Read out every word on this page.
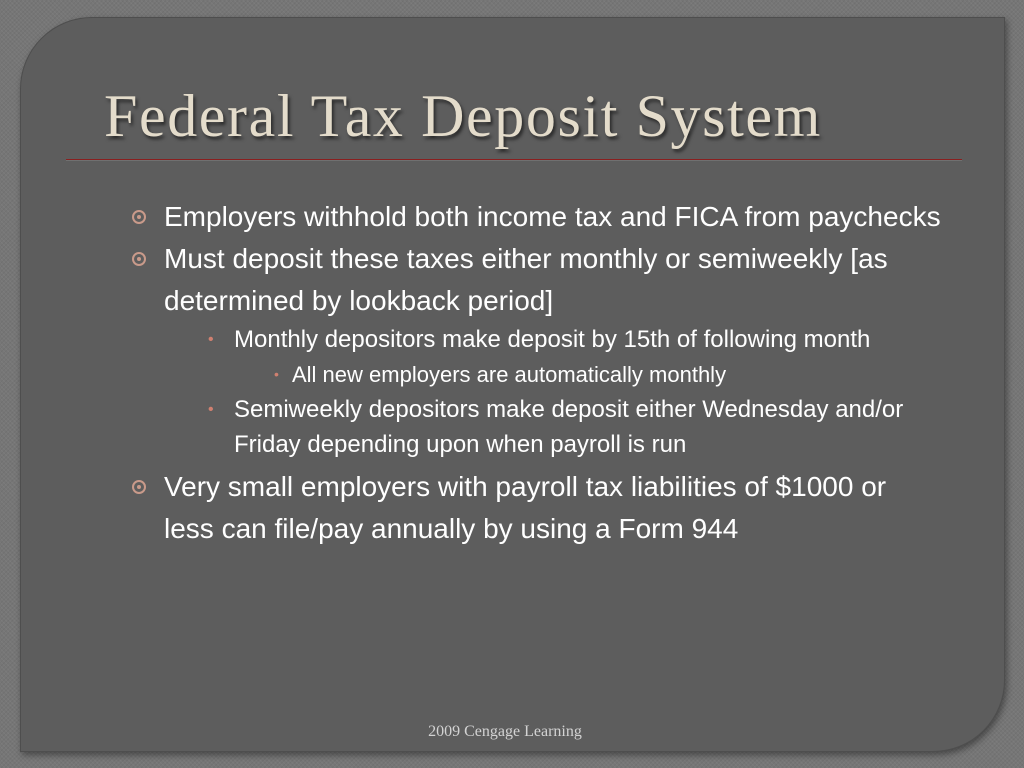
Federal Tax Deposit System
Employers withhold both income tax and FICA from paychecks
Must deposit these taxes either monthly or semiweekly [as determined by lookback period]
• Monthly depositors make deposit by 15th of following month
• All new employers are automatically monthly
• Semiweekly depositors make deposit either Wednesday and/or Friday depending upon when payroll is run
Very small employers with payroll tax liabilities of $1000 or less can file/pay annually by using a Form 944
2009 Cengage Learning
